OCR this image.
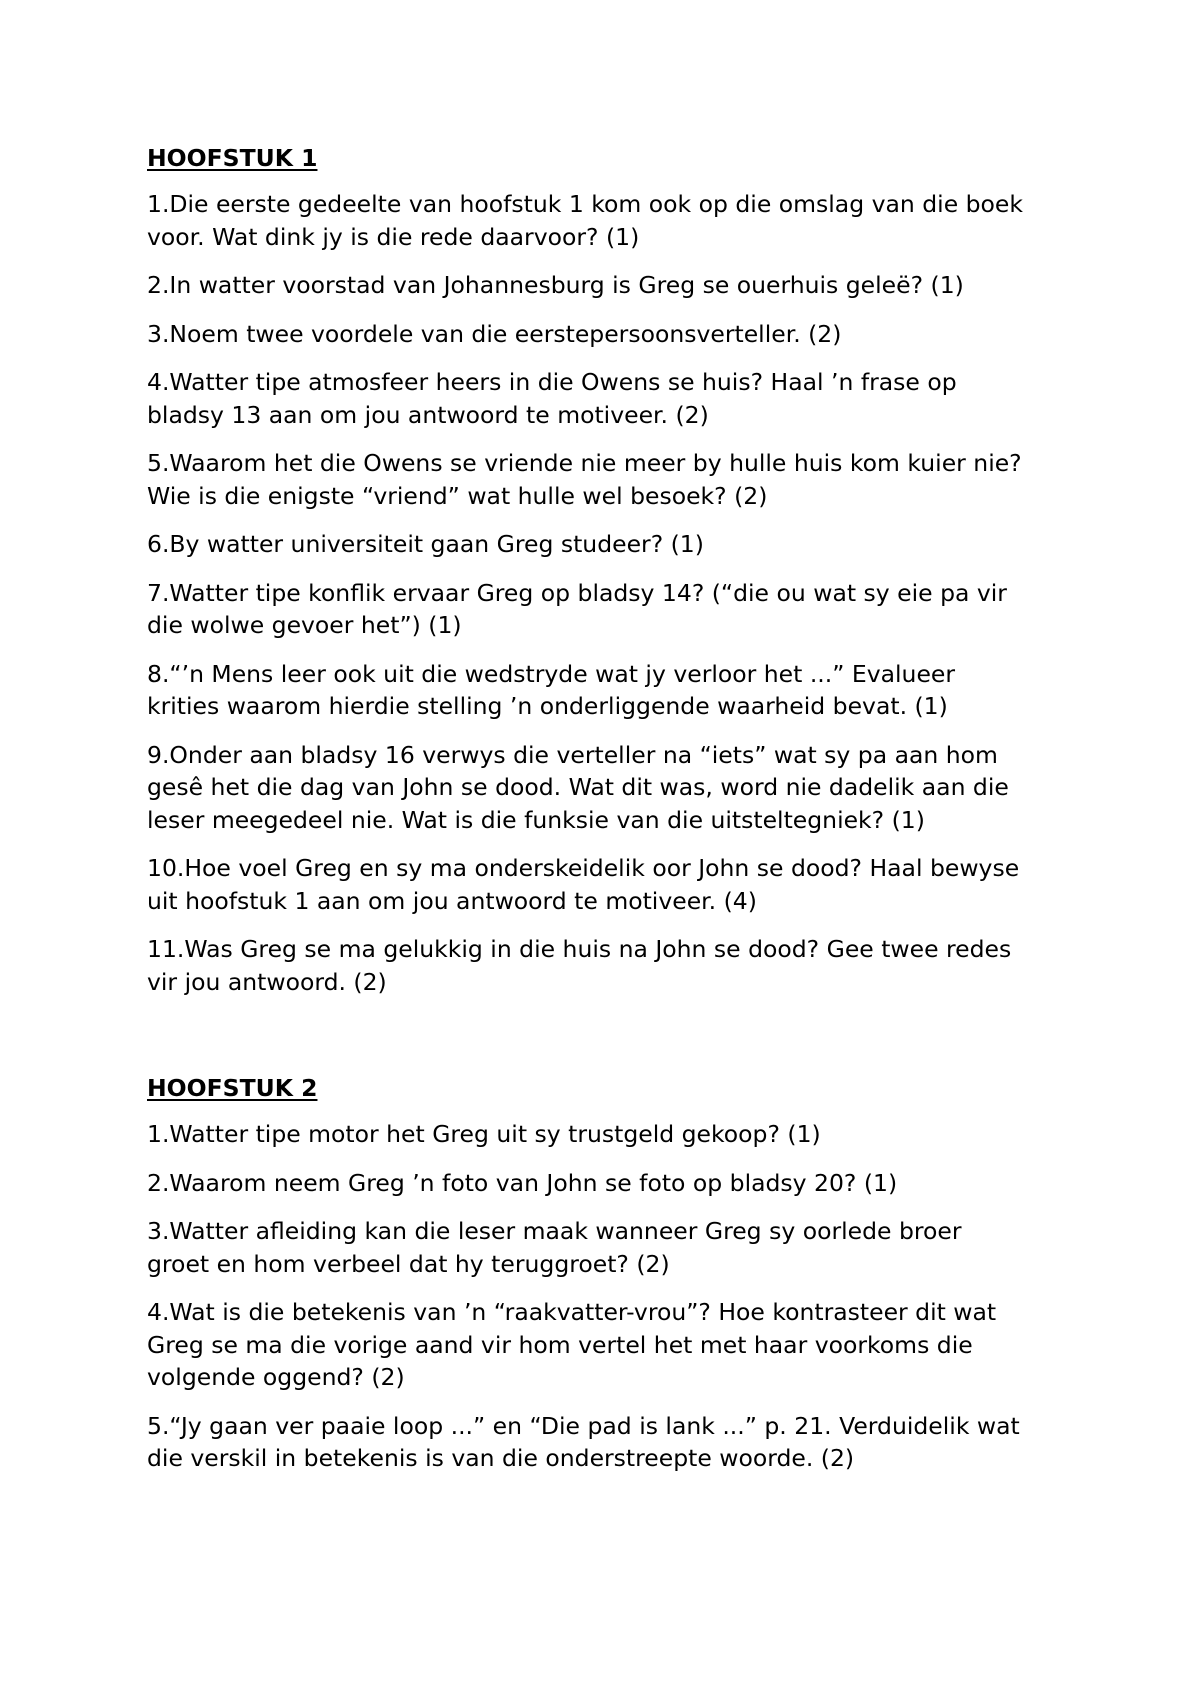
HOOFSTUK 1

1.Die eerste gedeelte van hoofstuk 1 kom ook op die omslag van die boek
voor. Wat dink jy is die rede daarvoor? (1)

2.In watter voorstad van Johannesburg is Greg se ouerhuis geleë? (1)

3.Noem twee voordele van die eerstepersoonsverteller. (2)

4.Watter tipe atmosfeer heers in die Owens se huis? Haal ’n frase op
bladsy 13 aan om jou antwoord te motiveer. (2)

5.Waarom het die Owens se vriende nie meer by hulle huis kom kuier nie?
Wie is die enigste “vriend” wat hulle wel besoek? (2)

6.By watter universiteit gaan Greg studeer? (1)

7.Watter tipe konflik ervaar Greg op bladsy 14? (“die ou wat sy eie pa vir
die wolwe gevoer het”) (1)

8.“’n Mens leer ook uit die wedstryde wat jy verloor het ...” Evalueer
krities waarom hierdie stelling ’n onderliggende waarheid bevat. (1)

9.Onder aan bladsy 16 verwys die verteller na “iets” wat sy pa aan hom
gesê het die dag van John se dood. Wat dit was, word nie dadelik aan die
leser meegedeel nie. Wat is die funksie van die uitsteltegniek? (1)

10.Hoe voel Greg en sy ma onderskeidelik oor John se dood? Haal bewyse
uit hoofstuk 1 aan om jou antwoord te motiveer. (4)

11.Was Greg se ma gelukkig in die huis na John se dood? Gee twee redes
vir jou antwoord. (2)

HOOFSTUK 2

1.Watter tipe motor het Greg uit sy trustgeld gekoop? (1)

2.Waarom neem Greg ’n foto van John se foto op bladsy 20? (1)

3.Watter afleiding kan die leser maak wanneer Greg sy oorlede broer
groet en hom verbeel dat hy teruggroet? (2)

4.Wat is die betekenis van ’n “raakvatter-vrou”? Hoe kontrasteer dit wat
Greg se ma die vorige aand vir hom vertel het met haar voorkoms die
volgende oggend? (2)

5.“Jy gaan ver paaie loop ...” en “Die pad is lank ...” p. 21. Verduidelik wat
die verskil in betekenis is van die onderstreepte woorde. (2)
